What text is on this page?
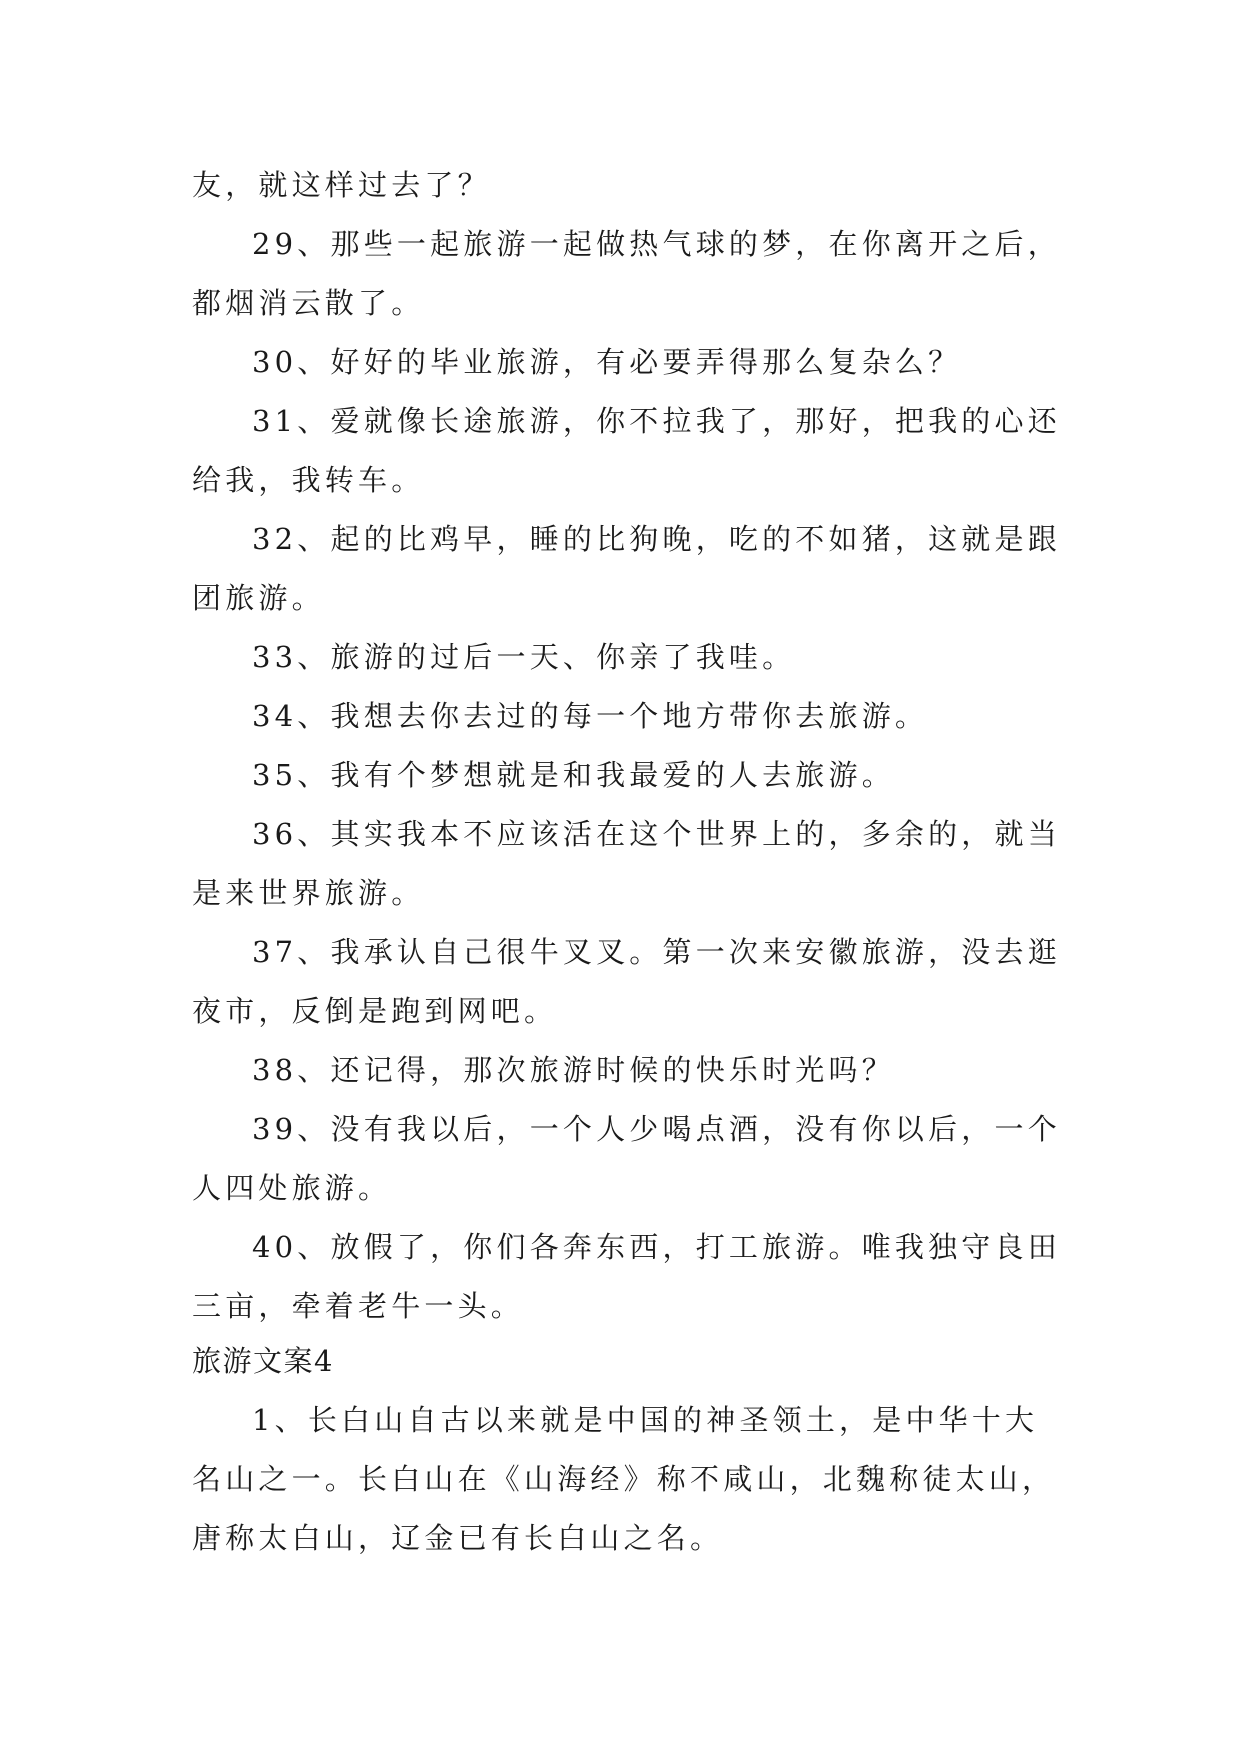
友，就这样过去了？
29、那些一起旅游一起做热气球的梦，在你离开之后，
都烟消云散了。
30、好好的毕业旅游，有必要弄得那么复杂么？
31、爱就像长途旅游，你不拉我了，那好，把我的心还
给我，我转车。
32、起的比鸡早，睡的比狗晚，吃的不如猪，这就是跟
团旅游。
33、旅游的过后一天、你亲了我哇。
34、我想去你去过的每一个地方带你去旅游。
35、我有个梦想就是和我最爱的人去旅游。
36、其实我本不应该活在这个世界上的，多余的，就当
是来世界旅游。
37、我承认自己很牛叉叉。第一次来安徽旅游，没去逛
夜市，反倒是跑到网吧。
38、还记得，那次旅游时候的快乐时光吗？
39、没有我以后，一个人少喝点酒，没有你以后，一个
人四处旅游。
40、放假了，你们各奔东西，打工旅游。唯我独守良田
三亩，牵着老牛一头。
旅游文案4
1、长白山自古以来就是中国的神圣领土，是中华十大
名山之一。长白山在《山海经》称不咸山，北魏称徒太山，
唐称太白山，辽金已有长白山之名。
